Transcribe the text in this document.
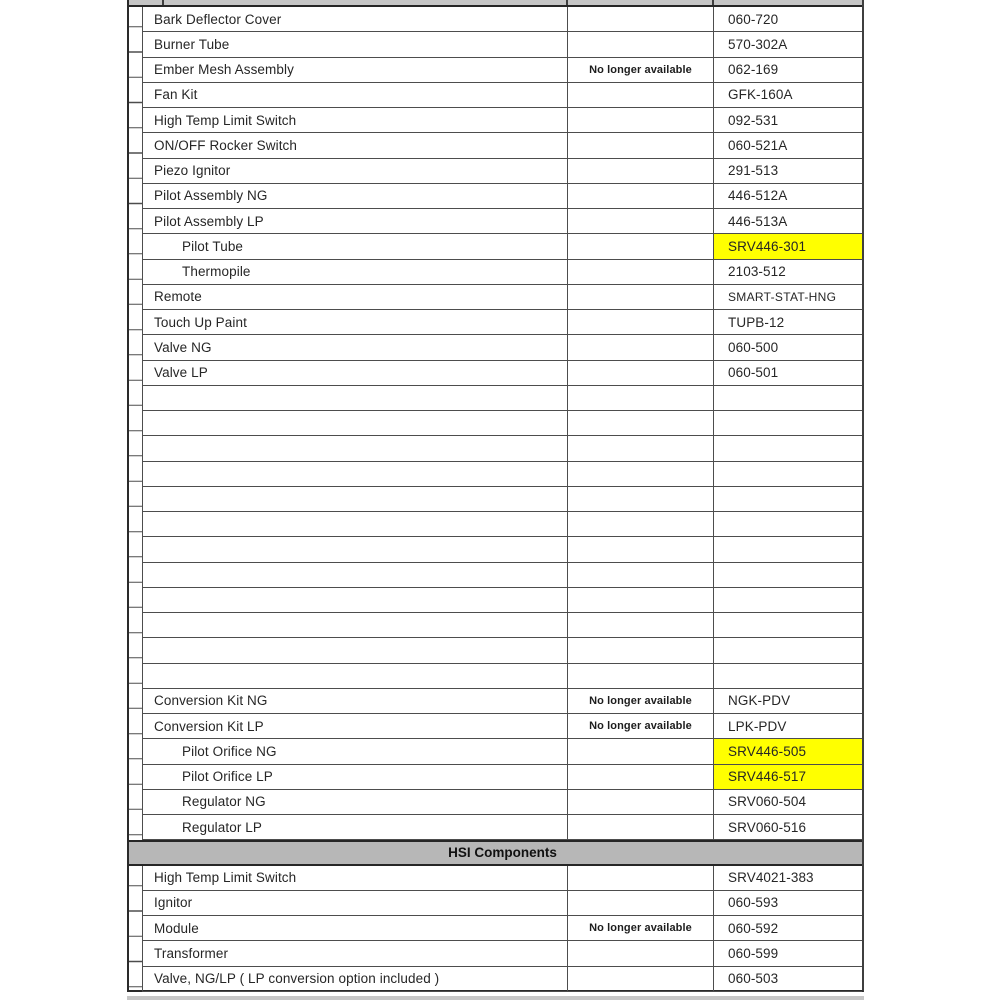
Bark Deflector Cover	060-720
Burner Tube	570-302A
Ember Mesh Assembly	No longer available	062-169
Fan Kit	GFK-160A
High Temp Limit Switch	092-531
ON/OFF Rocker Switch	060-521A
Piezo Ignitor	291-513
Pilot Assembly NG	446-512A
Pilot Assembly LP	446-513A
Pilot Tube	SRV446-301
Thermopile	2103-512
Remote	SMART-STAT-HNG
Touch Up Paint	TUPB-12
Valve NG	060-500
Valve LP	060-501
Conversion Kit NG	No longer available	NGK-PDV
Conversion Kit LP	No longer available	LPK-PDV
Pilot Orifice NG	SRV446-505
Pilot Orifice LP	SRV446-517
Regulator NG	SRV060-504
Regulator LP	SRV060-516
HSI Components
High Temp Limit Switch	SRV4021-383
Ignitor	060-593
Module	No longer available	060-592
Transformer	060-599
Valve, NG/LP ( LP conversion option included )	060-503
